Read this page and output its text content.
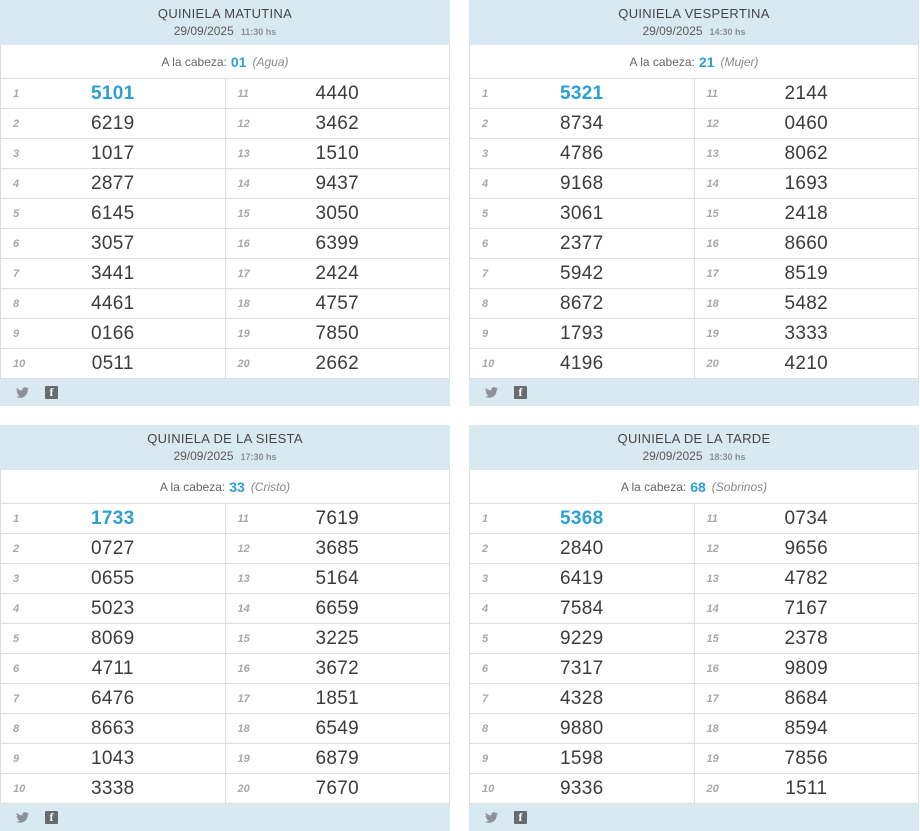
QUINIELA MATUTINA
29/09/2025 11:30 hs
A la cabeza: 01 (Agua)
1	5101	11	4440
2	6219	12	3462
3	1017	13	1510
4	2877	14	9437
5	6145	15	3050
6	3057	16	6399
7	3441	17	2424
8	4461	18	4757
9	0166	19	7850
10	0511	20	2662
f
QUINIELA VESPERTINA
29/09/2025 14:30 hs
A la cabeza: 21 (Mujer)
1	5321	11	2144
2	8734	12	0460
3	4786	13	8062
4	9168	14	1693
5	3061	15	2418
6	2377	16	8660
7	5942	17	8519
8	8672	18	5482
9	1793	19	3333
10	4196	20	4210
f
QUINIELA DE LA SIESTA
29/09/2025 17:30 hs
A la cabeza: 33 (Cristo)
1	1733	11	7619
2	0727	12	3685
3	0655	13	5164
4	5023	14	6659
5	8069	15	3225
6	4711	16	3672
7	6476	17	1851
8	8663	18	6549
9	1043	19	6879
10	3338	20	7670
f
QUINIELA DE LA TARDE
29/09/2025 18:30 hs
A la cabeza: 68 (Sobrinos)
1	5368	11	0734
2	2840	12	9656
3	6419	13	4782
4	7584	14	7167
5	9229	15	2378
6	7317	16	9809
7	4328	17	8684
8	9880	18	8594
9	1598	19	7856
10	9336	20	1511
f
